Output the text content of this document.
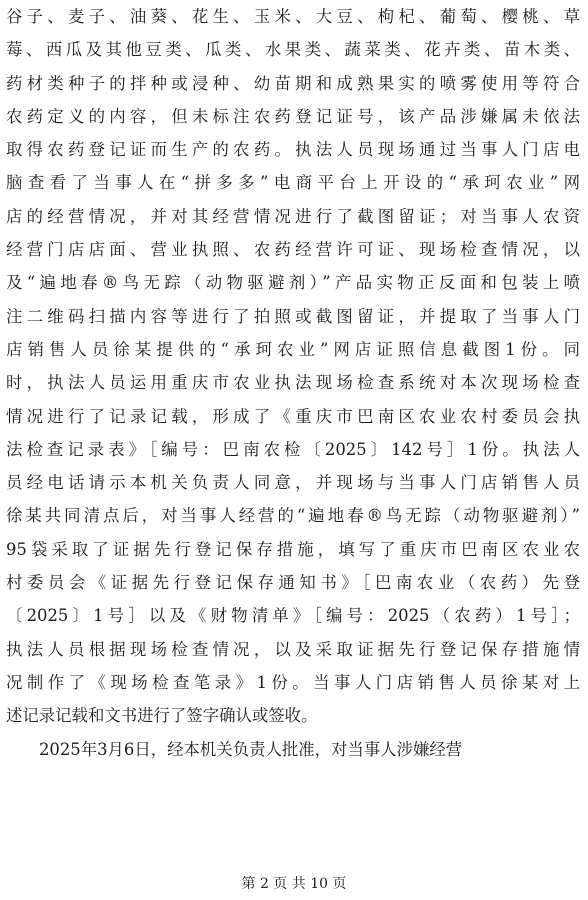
谷子、麦子、油葵、花生、玉米、大豆、枸杞、葡萄、樱桃、草
莓、西瓜及其他豆类、瓜类、水果类、蔬菜类、花卉类、苗木类、
药材类种子的拌种或浸种、幼苗期和成熟果实的喷雾使用等符合
农药定义的内容，但未标注农药登记证号，该产品涉嫌属未依法
取得农药登记证而生产的农药。执法人员现场通过当事人门店电
脑查看了当事人在“拼多多”电商平台上开设的“承珂农业”网
店的经营情况，并对其经营情况进行了截图留证；对当事人农资
经营门店店面、营业执照、农药经营许可证、现场检查情况，以
及“遍地春®鸟无踪（动物驱避剂）”产品实物正反面和包装上喷
注二维码扫描内容等进行了拍照或截图留证，并提取了当事人门
店销售人员徐某提供的“承珂农业”网店证照信息截图1份。同
时，执法人员运用重庆市农业执法现场检查系统对本次现场检查
情况进行了记录记载，形成了《重庆市巴南区农业农村委员会执
法检查记录表》［编号：巴南农检〔2025〕142号］1份。执法人
员经电话请示本机关负责人同意，并现场与当事人门店销售人员
徐某共同清点后，对当事人经营的“遍地春®鸟无踪（动物驱避剂）”
95袋采取了证据先行登记保存措施，填写了重庆市巴南区农业农
村委员会《证据先行登记保存通知书》［巴南农业（农药）先登
〔2025〕1号］以及《财物清单》［编号：2025（农药）1号］；
执法人员根据现场检查情况，以及采取证据先行登记保存措施情
况制作了《现场检查笔录》1份。当事人门店销售人员徐某对上
述记录记载和文书进行了签字确认或签收。
2025年3月6日，经本机关负责人批准，对当事人涉嫌经营
第 2 页 共 10 页
